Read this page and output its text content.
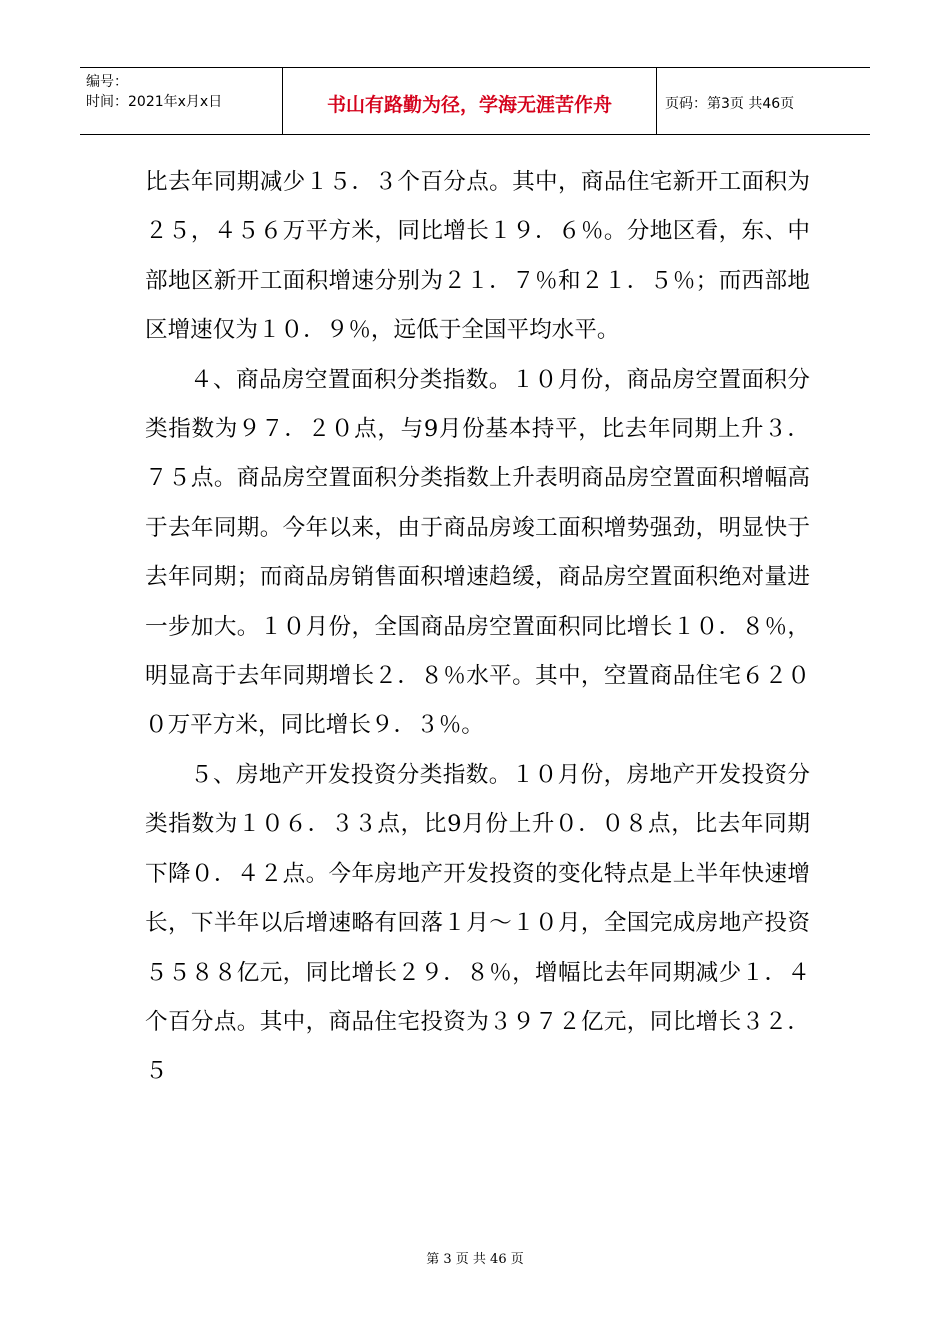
编号：
时间：2021年x月x日	书山有路勤为径，学海无涯苦作舟	页码：第3页 共46页

比去年同期减少１５．３个百分点。其中，商品住宅新开工面积为２５，４５６万平方米，同比增长１９．６％。分地区看，东、中部地区新开工面积增速分别为２１．７％和２１．５％；而西部地区增速仅为１０．９％，远低于全国平均水平。

４、商品房空置面积分类指数。１０月份，商品房空置面积分类指数为９７．２０点，与9月份基本持平，比去年同期上升３．７５点。商品房空置面积分类指数上升表明商品房空置面积增幅高于去年同期。今年以来，由于商品房竣工面积增势强劲，明显快于去年同期；而商品房销售面积增速趋缓，商品房空置面积绝对量进一步加大。１０月份，全国商品房空置面积同比增长１０．８％，明显高于去年同期增长２．８％水平。其中，空置商品住宅６２００万平方米，同比增长９．３％。

５、房地产开发投资分类指数。１０月份，房地产开发投资分类指数为１０６．３３点，比9月份上升０．０８点，比去年同期下降０．４２点。今年房地产开发投资的变化特点是上半年快速增长，下半年以后增速略有回落１月～１０月，全国完成房地产投资５５８８亿元，同比增长２９．８％，增幅比去年同期减少１．４个百分点。其中，商品住宅投资为３９７２亿元，同比增长３２．５

第 3 页 共 46 页
